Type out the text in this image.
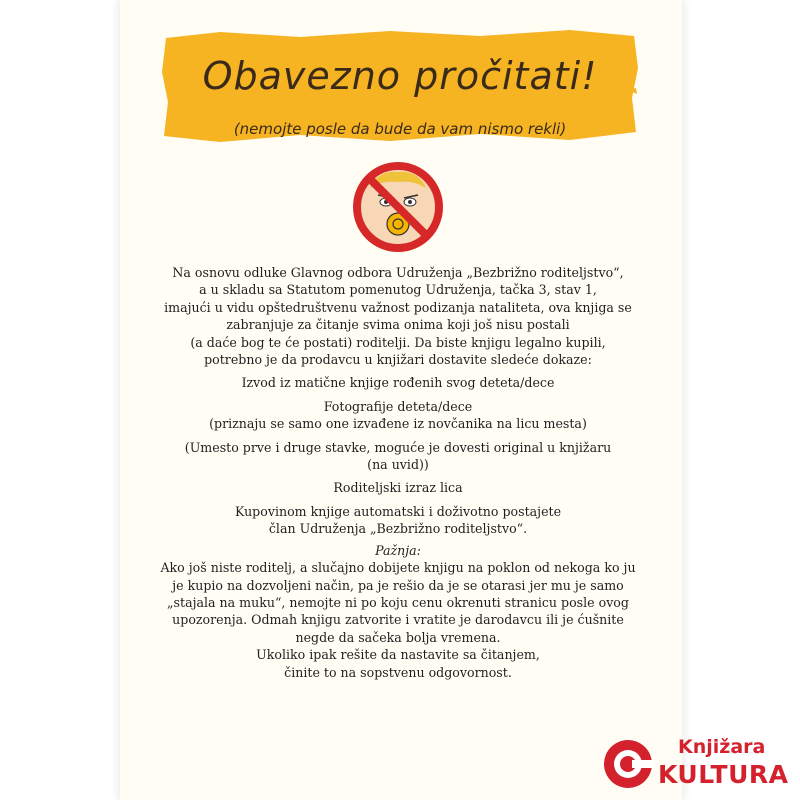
Obavezno pročitati!
(nemojte posle da bude da vam nismo rekli)

Na osnovu odluke Glavnog odbora Udruženja „Bezbrižno roditeljstvo“,

a u skladu sa Statutom pomenutog Udruženja, tačka 3, stav 1,

imajući u vidu opštedruštvenu važnost podizanja nataliteta, ova knjiga se

zabranjuje za čitanje svima onima koji još nisu postali

(a daće bog te će postati) roditelji. Da biste knjigu legalno kupili,

potrebno je da prodavcu u knjižari dostavite sledeće dokaze:

Izvod iz matične knjige rođenih svog deteta/dece

Fotografije deteta/dece

(priznaju se samo one izvađene iz novčanika na licu mesta)

(Umesto prve i druge stavke, moguće je dovesti original u knjižaru

(na uvid))

Roditeljski izraz lica

Kupovinom knjige automatski i doživotno postajete

član Udruženja „Bezbrižno roditeljstvo“.

Pažnja:

Ako još niste roditelj, a slučajno dobijete knjigu na poklon od nekoga ko ju

je kupio na dozvoljeni način, pa je rešio da je se otarasi jer mu je samo

„stajala na muku“, nemojte ni po koju cenu okrenuti stranicu posle ovog

upozorenja. Odmah knjigu zatvorite i vratite je darodavcu ili je ćušnite

negde da sačeka bolja vremena.

Ukoliko ipak rešite da nastavite sa čitanjem,

činite to na sopstvenu odgovornost.

Knjižara
KULTURA
